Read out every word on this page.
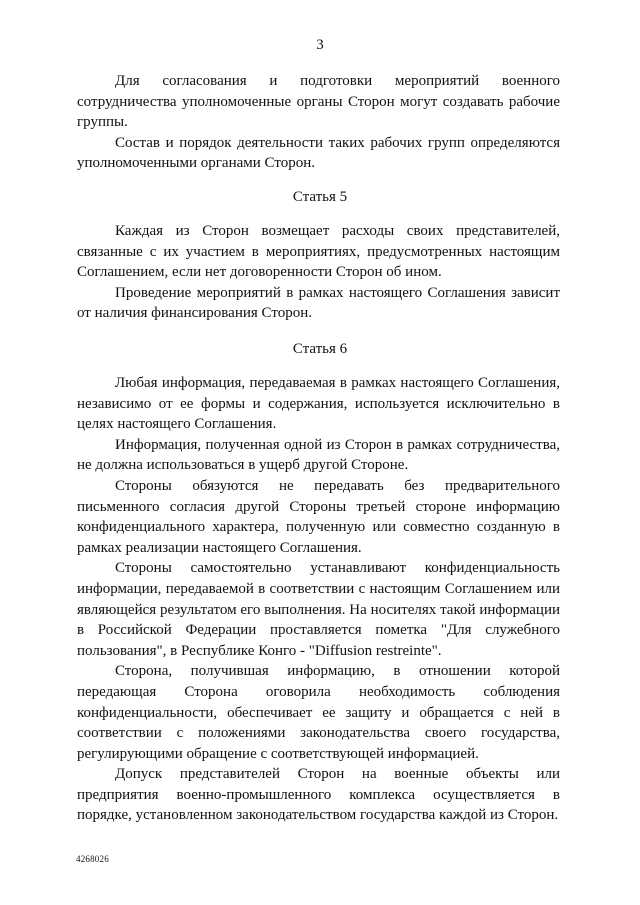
3

Для согласования и подготовки мероприятий военного сотрудничества уполномоченные органы Сторон могут создавать рабочие группы.

Состав и порядок деятельности таких рабочих групп определяются уполномоченными органами Сторон.

Статья 5

Каждая из Сторон возмещает расходы своих представителей, связанные с их участием в мероприятиях, предусмотренных настоящим Соглашением, если нет договоренности Сторон об ином.

Проведение мероприятий в рамках настоящего Соглашения зависит от наличия финансирования Сторон.

Статья 6

Любая информация, передаваемая в рамках настоящего Соглашения, независимо от ее формы и содержания, используется исключительно в целях настоящего Соглашения.

Информация, полученная одной из Сторон в рамках сотрудничества, не должна использоваться в ущерб другой Стороне.

Стороны обязуются не передавать без предварительного письменного согласия другой Стороны третьей стороне информацию конфиденциального характера, полученную или совместно созданную в рамках реализации настоящего Соглашения.

Стороны самостоятельно устанавливают конфиденциальность информации, передаваемой в соответствии с настоящим Соглашением или являющейся результатом его выполнения. На носителях такой информации в Российской Федерации проставляется пометка "Для служебного пользования", в Республике Конго - "Diffusion restreinte".

Сторона, получившая информацию, в отношении которой передающая Сторона оговорила необходимость соблюдения конфиденциальности, обеспечивает ее защиту и обращается с ней в соответствии с положениями законодательства своего государства, регулирующими обращение с соответствующей информацией.

Допуск представителей Сторон на военные объекты или предприятия военно-промышленного комплекса осуществляется в порядке, установленном законодательством государства каждой из Сторон.

4268026
